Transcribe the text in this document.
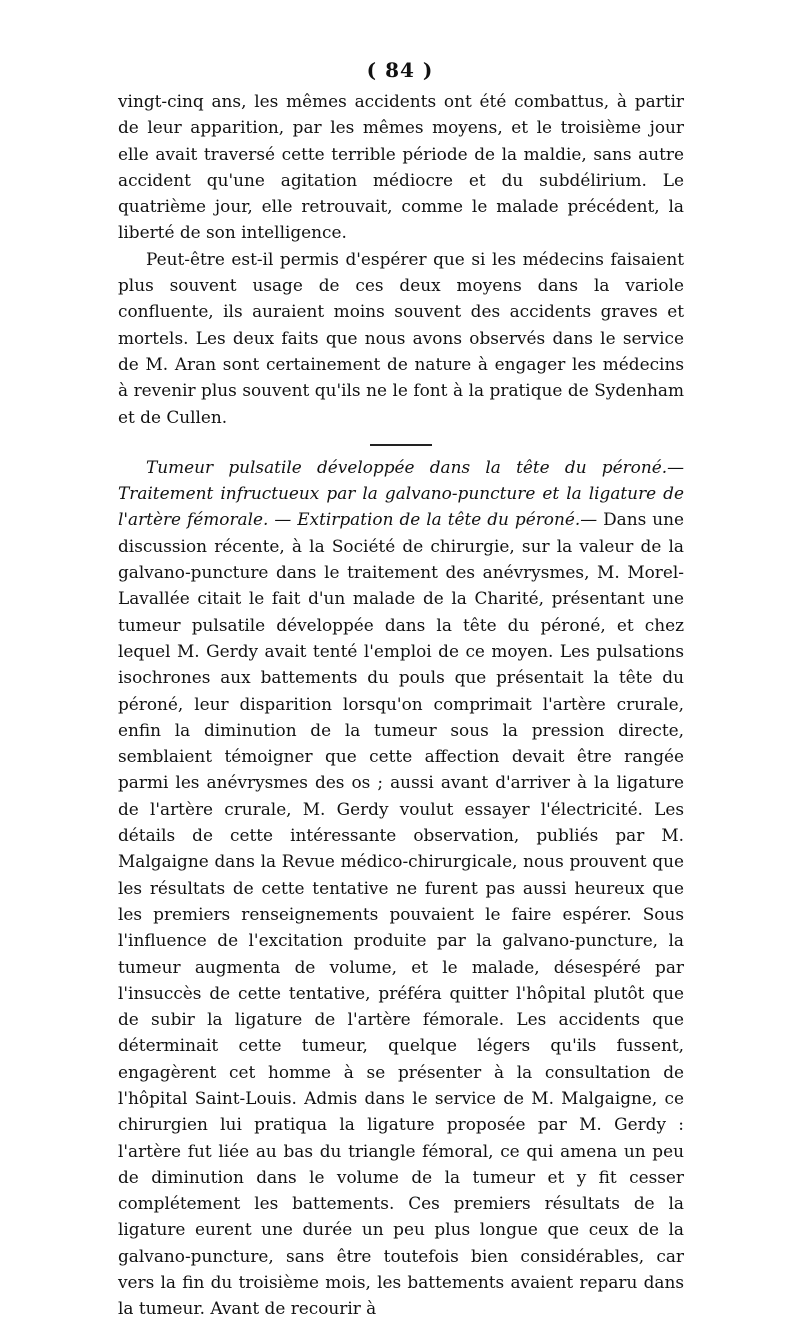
( 84 )

vingt-cinq ans, les mêmes accidents ont été combattus, à partir de leur apparition, par les mêmes moyens, et le troisième jour elle avait traversé cette terrible période de la maldie, sans autre accident qu'une agitation médiocre et du subdélirium. Le quatrième jour, elle retrouvait, comme le malade précédent, la liberté de son intelligence.

Peut-être est-il permis d'espérer que si les médecins faisaient plus souvent usage de ces deux moyens dans la variole confluente, ils auraient moins souvent des accidents graves et mortels. Les deux faits que nous avons observés dans le service de M. Aran sont certainement de nature à engager les médecins à revenir plus souvent qu'ils ne le font à la pratique de Sydenham et de Cullen.

Tumeur pulsatile développée dans la tête du péroné.— Traitement infructueux par la galvano-puncture et la ligature de l'artère fémorale. — Extirpation de la tête du péroné.— Dans une discussion récente, à la Société de chirurgie, sur la valeur de la galvano-puncture dans le traitement des anévrysmes, M. Morel-Lavallée citait le fait d'un malade de la Charité, présentant une tumeur pulsatile développée dans la tête du péroné, et chez lequel M. Gerdy avait tenté l'emploi de ce moyen. Les pulsations isochrones aux battements du pouls que présentait la tête du péroné, leur disparition lorsqu'on comprimait l'artère crurale, enfin la diminution de la tumeur sous la pression directe, semblaient témoigner que cette affection devait être rangée parmi les anévrysmes des os ; aussi avant d'arriver à la ligature de l'artère crurale, M. Gerdy voulut essayer l'électricité. Les détails de cette intéressante observation, publiés par M. Malgaigne dans la Revue médico-chirurgicale, nous prouvent que les résultats de cette tentative ne furent pas aussi heureux que les premiers renseignements pouvaient le faire espérer. Sous l'influence de l'excitation produite par la galvano-puncture, la tumeur augmenta de volume, et le malade, désespéré par l'insuccès de cette tentative, préféra quitter l'hôpital plutôt que de subir la ligature de l'artère fémorale. Les accidents que déterminait cette tumeur, quelque légers qu'ils fussent, engagèrent cet homme à se présenter à la consultation de l'hôpital Saint-Louis. Admis dans le service de M. Malgaigne, ce chirurgien lui pratiqua la ligature proposée par M. Gerdy : l'artère fut liée au bas du triangle fémoral, ce qui amena un peu de diminution dans le volume de la tumeur et y fit cesser complétement les battements. Ces premiers résultats de la ligature eurent une durée un peu plus longue que ceux de la galvano-puncture, sans être toutefois bien considérables, car vers la fin du troisième mois, les battements avaient reparu dans la tumeur. Avant de recourir à
